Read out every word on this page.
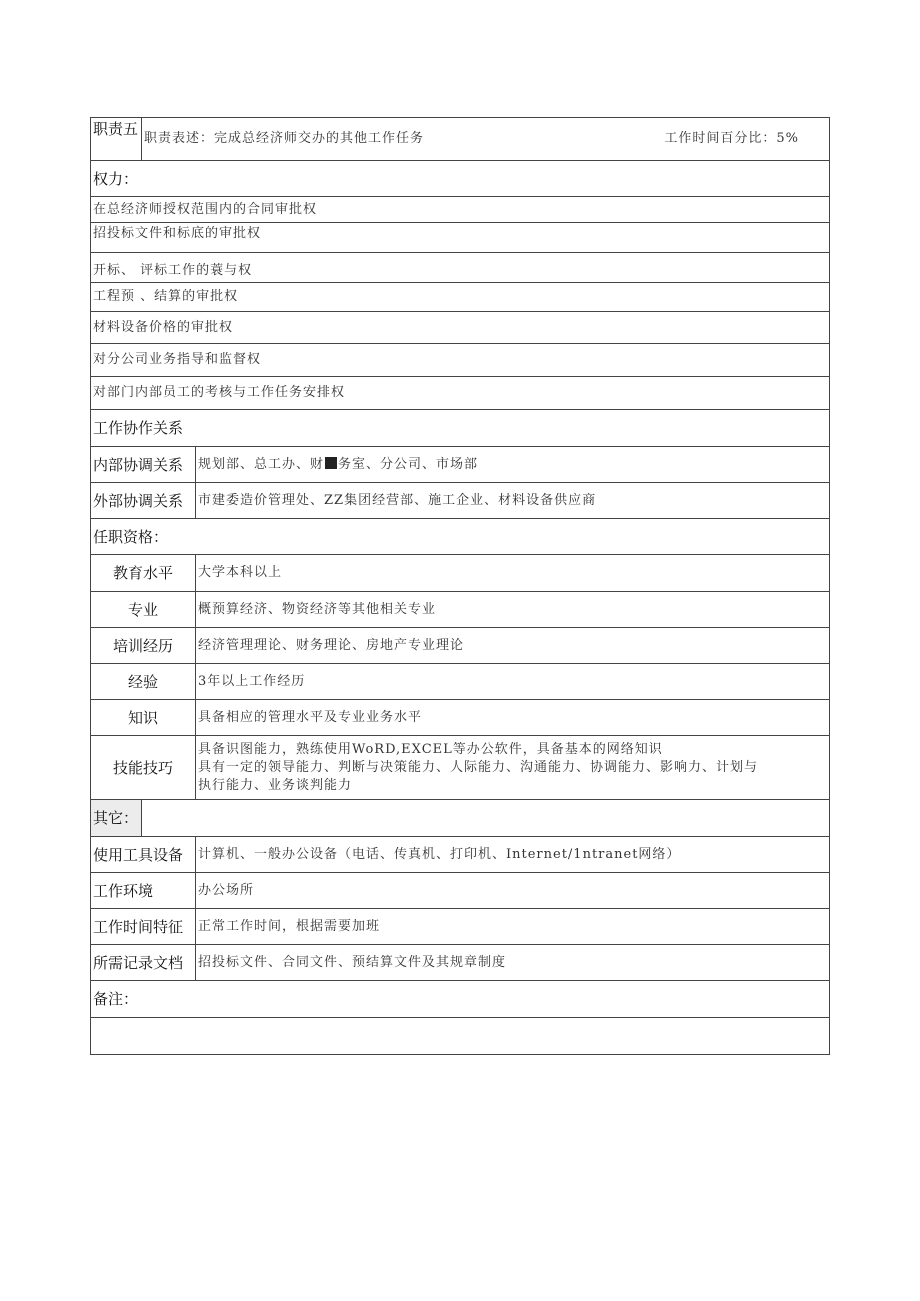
职责五	职责表述：完成总经济师交办的其他工作任务 工作时间百分比：5%	

权力：		
在总经济师授权范围内的合同审批权		
招投标文件和标底的审批权		
开标、 评标工作的蓑与权		
工程预 、结算的审批权		
材料设备价格的审批权		
对分公司业务指导和监督权		
对部门内部员工的考核与工作任务安排权		
工作协作关系		
内部协调关系		规划部、总工办、财 务室、分公司、市场部
外部协调关系		市建委造价管理处、ZZ集团经营部、施工企业、材料设备供应商
任职资格：		
教育水平		大学本科以上
专业		概预算经济、物资经济等其他相关专业
培训经历		经济管理理论、财务理论、房地产专业理论
经验		3年以上工作经历
知识		具备相应的管理水平及专业业务水平
技能技巧		具备识图能力，熟练使用WoRD,EXCEL等办公软件，具备基本的网络知识
具有一定的领导能力、判断与决策能力、人际能力、沟通能力、协调能力、影响力、计划与
执行能力、业务谈判能力

其它：		
使用工具设备		计算机、一般办公设备（电话、传真机、打印机、Internet/1ntranet网络）
工作环境		办公场所
工作时间特征		正常工作时间，根据需要加班
所需记录文档		招投标文件、合同文件、预结算文件及其规章制度
备注：		
